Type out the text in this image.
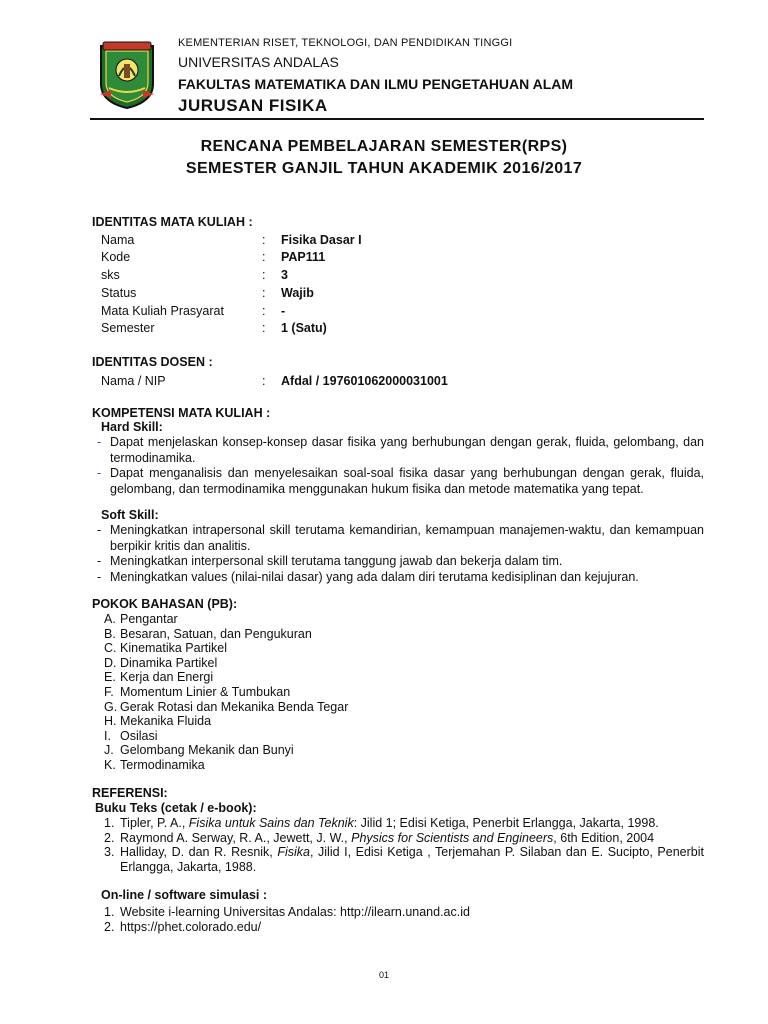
KEMENTERIAN RISET, TEKNOLOGI, DAN PENDIDIKAN TINGGI
UNIVERSITAS ANDALAS
FAKULTAS MATEMATIKA DAN ILMU PENGETAHUAN ALAM
JURUSAN FISIKA
RENCANA PEMBELAJARAN SEMESTER(RPS)
SEMESTER GANJIL TAHUN AKADEMIK 2016/2017
IDENTITAS MATA KULIAH :
Nama	: Fisika Dasar I
Kode	: PAP111
sks	: 3
Status	: Wajib
Mata Kuliah Prasyarat	: -
Semester	: 1 (Satu)
IDENTITAS DOSEN :
Nama / NIP	: Afdal / 197601062000031001
KOMPETENSI MATA KULIAH :
Hard Skill:
- Dapat menjelaskan konsep-konsep dasar fisika yang berhubungan dengan gerak, fluida, gelombang, dan termodinamika.
- Dapat menganalisis dan menyelesaikan soal-soal fisika dasar yang berhubungan dengan gerak, fluida, gelombang, dan termodinamika menggunakan hukum fisika dan metode matematika yang tepat.
Soft Skill:
- Meningkatkan intrapersonal skill terutama kemandirian, kemampuan manajemen-waktu, dan kemampuan berpikir kritis dan analitis.
- Meningkatkan interpersonal skill terutama tanggung jawab dan bekerja dalam tim.
- Meningkatkan values (nilai-nilai dasar) yang ada dalam diri terutama kedisiplinan dan kejujuran.
POKOK BAHASAN (PB):
A. Pengantar
B. Besaran, Satuan, dan Pengukuran
C. Kinematika Partikel
D. Dinamika Partikel
E. Kerja dan Energi
F. Momentum Linier & Tumbukan
G. Gerak Rotasi dan Mekanika Benda Tegar
H. Mekanika Fluida
I. Osilasi
J. Gelombang Mekanik dan Bunyi
K. Termodinamika
REFERENSI:
Buku Teks (cetak / e-book):
1. Tipler, P. A., Fisika untuk Sains dan Teknik: Jilid 1; Edisi Ketiga, Penerbit Erlangga, Jakarta, 1998.
2. Raymond A. Serway, R. A., Jewett, J. W., Physics for Scientists and Engineers, 6th Edition, 2004
3. Halliday, D. dan R. Resnik, Fisika, Jilid I, Edisi Ketiga , Terjemahan P. Silaban dan E. Sucipto, Penerbit Erlangga, Jakarta, 1988.
On-line / software simulasi :
1. Website i-learning Universitas Andalas: http://ilearn.unand.ac.id
2. https://phet.colorado.edu/
01
